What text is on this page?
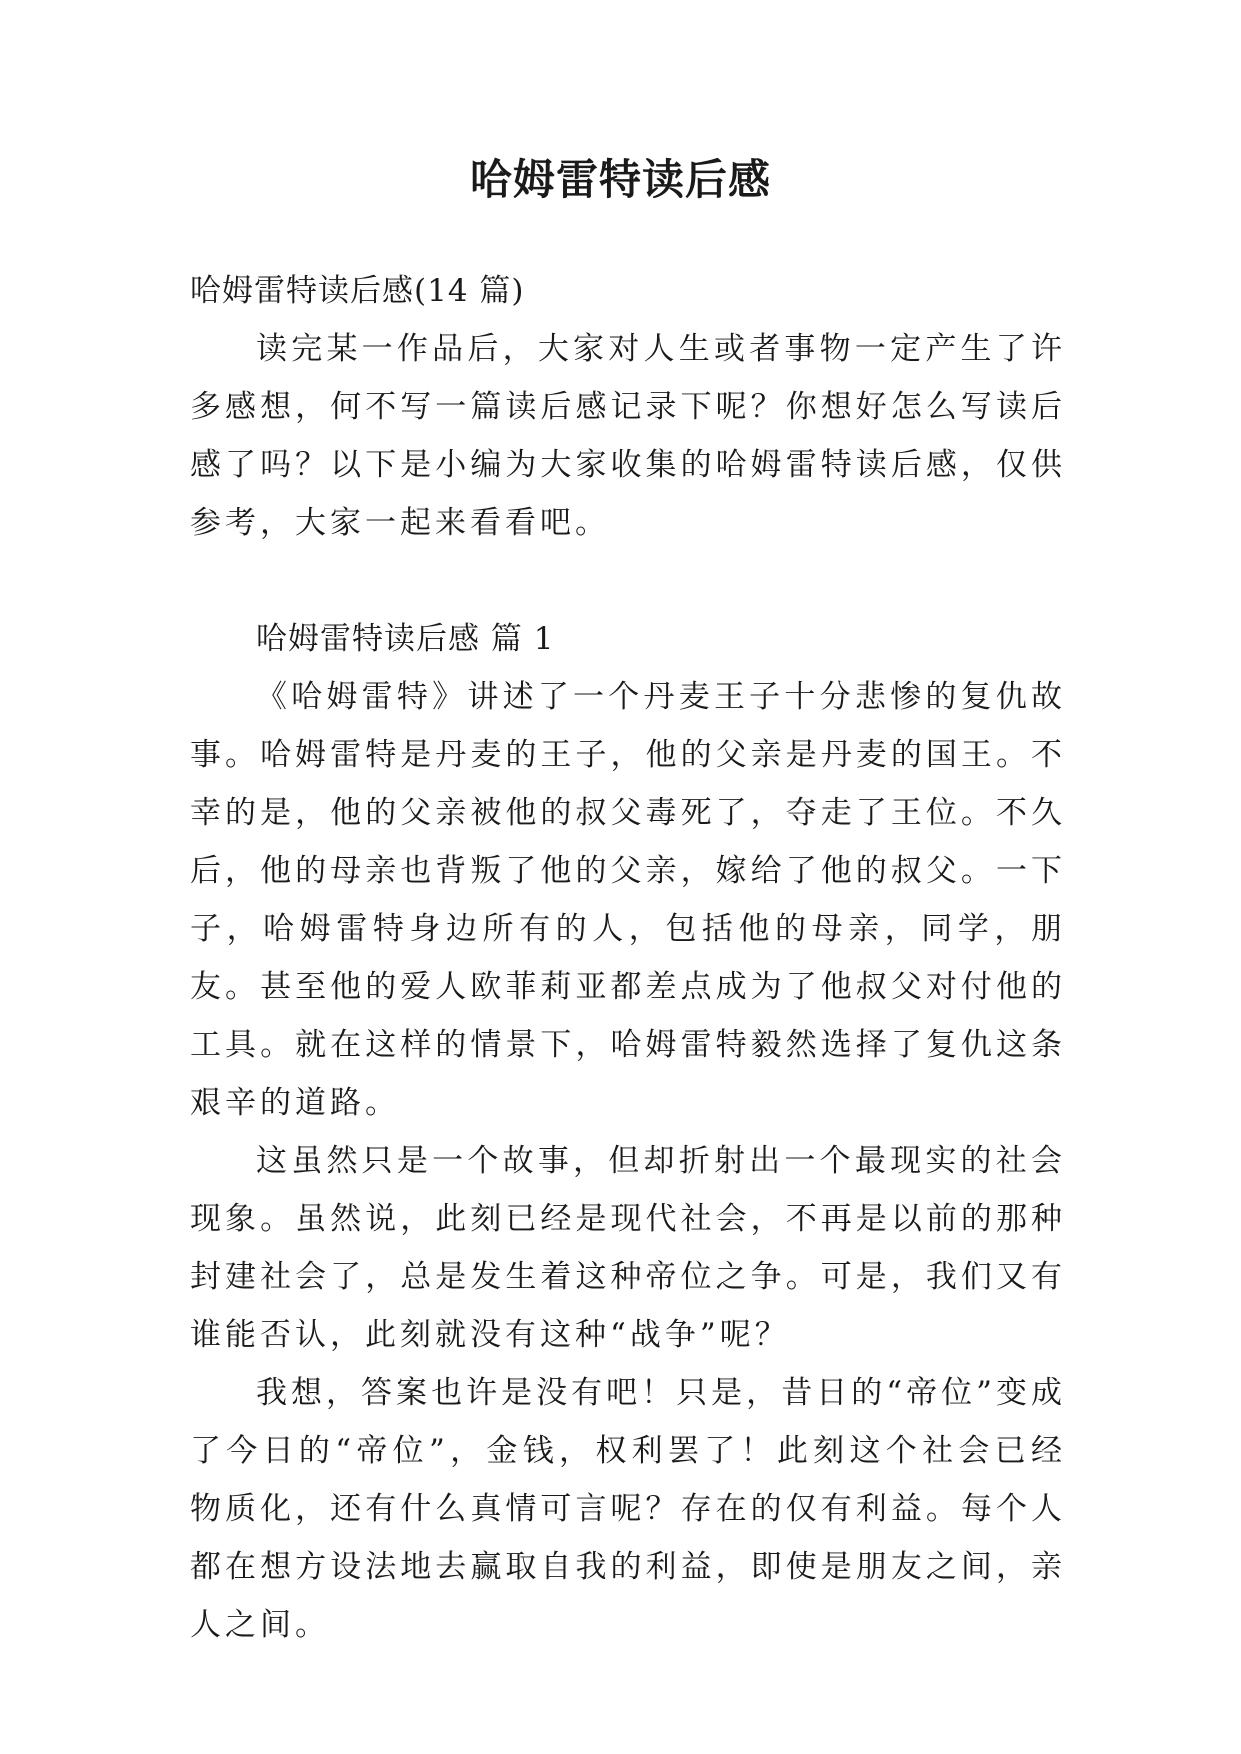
哈姆雷特读后感

哈姆雷特读后感(14 篇)

读完某一作品后，大家对人生或者事物一定产生了许多感想，何不写一篇读后感记录下呢？你想好怎么写读后感了吗？以下是小编为大家收集的哈姆雷特读后感，仅供参考，大家一起来看看吧。

哈姆雷特读后感 篇 1

《哈姆雷特》讲述了一个丹麦王子十分悲惨的复仇故事。哈姆雷特是丹麦的王子，他的父亲是丹麦的国王。不幸的是，他的父亲被他的叔父毒死了，夺走了王位。不久后，他的母亲也背叛了他的父亲，嫁给了他的叔父。一下子，哈姆雷特身边所有的人，包括他的母亲，同学，朋友。甚至他的爱人欧菲莉亚都差点成为了他叔父对付他的工具。就在这样的情景下，哈姆雷特毅然选择了复仇这条艰辛的道路。

这虽然只是一个故事，但却折射出一个最现实的社会现象。虽然说，此刻已经是现代社会，不再是以前的那种封建社会了，总是发生着这种帝位之争。可是，我们又有谁能否认，此刻就没有这种“战争”呢？

我想，答案也许是没有吧！只是，昔日的“帝位”变成了今日的“帝位”，金钱，权利罢了！此刻这个社会已经物质化，还有什么真情可言呢？存在的仅有利益。每个人都在想方设法地去赢取自我的利益，即使是朋友之间，亲人之间。
